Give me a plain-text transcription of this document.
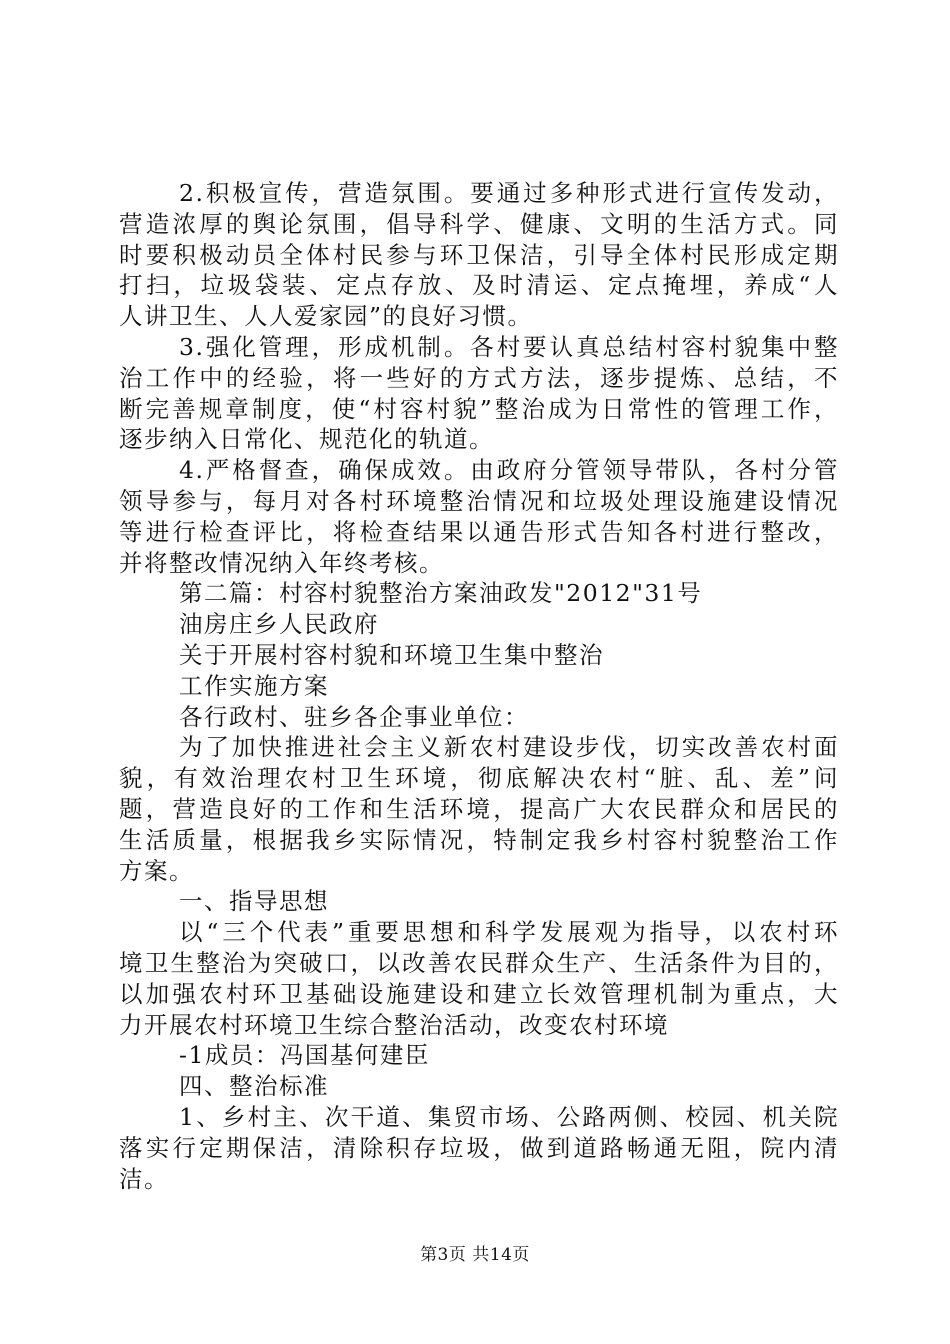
2.积极宣传，营造氛围。要通过多种形式进行宣传发动，
营造浓厚的舆论氛围，倡导科学、健康、文明的生活方式。同
时要积极动员全体村民参与环卫保洁，引导全体村民形成定期
打扫，垃圾袋装、定点存放、及时清运、定点掩埋，养成“人
人讲卫生、人人爱家园”的良好习惯。
3.强化管理，形成机制。各村要认真总结村容村貌集中整
治工作中的经验，将一些好的方式方法，逐步提炼、总结，不
断完善规章制度，使“村容村貌”整治成为日常性的管理工作，
逐步纳入日常化、规范化的轨道。
4.严格督查，确保成效。由政府分管领导带队，各村分管
领导参与，每月对各村环境整治情况和垃圾处理设施建设情况
等进行检查评比，将检查结果以通告形式告知各村进行整改，
并将整改情况纳入年终考核。
第二篇：村容村貌整治方案油政发"2012"31号
油房庄乡人民政府
关于开展村容村貌和环境卫生集中整治
工作实施方案
各行政村、驻乡各企事业单位：
为了加快推进社会主义新农村建设步伐，切实改善农村面
貌，有效治理农村卫生环境，彻底解决农村“脏、乱、差”问
题，营造良好的工作和生活环境，提高广大农民群众和居民的
生活质量，根据我乡实际情况，特制定我乡村容村貌整治工作
方案。
一、指导思想
以“三个代表”重要思想和科学发展观为指导，以农村环
境卫生整治为突破口，以改善农民群众生产、生活条件为目的，
以加强农村环卫基础设施建设和建立长效管理机制为重点，大
力开展农村环境卫生综合整治活动，改变农村环境
-1成员：冯国基何建臣
四、整治标准
1、乡村主、次干道、集贸市场、公路两侧、校园、机关院
落实行定期保洁，清除积存垃圾，做到道路畅通无阻，院内清
洁。
第3页 共14页
